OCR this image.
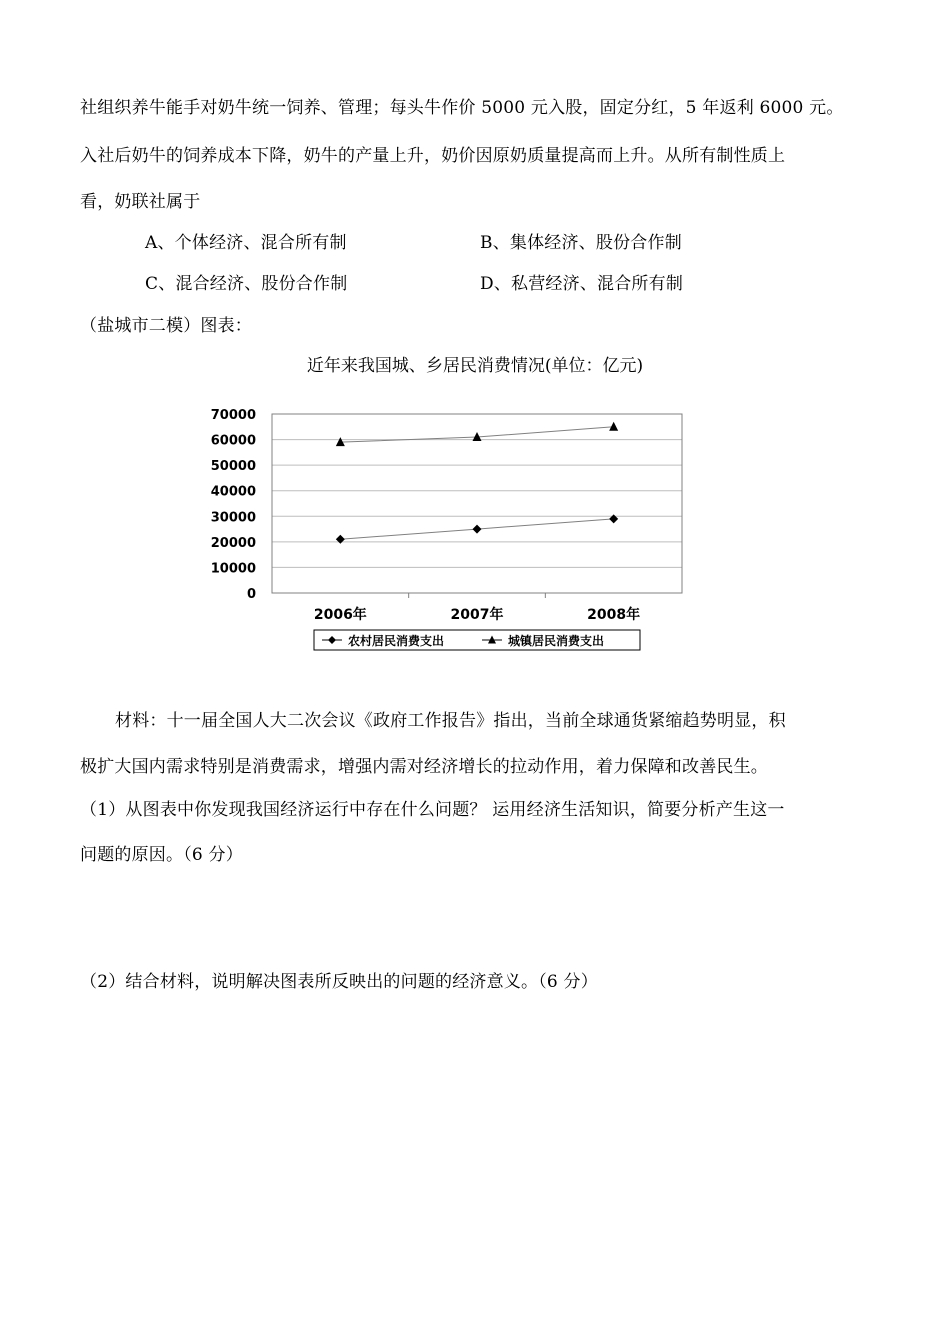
社组织养牛能手对奶牛统一饲养、管理；每头牛作价 5000 元入股，固定分红，5 年返利 6000 元。
入社后奶牛的饲养成本下降，奶牛的产量上升，奶价因原奶质量提高而上升。从所有制性质上
看，奶联社属于
A、个体经济、混合所有制	B、集体经济、股份合作制
C、混合经济、股份合作制	D、私营经济、混合所有制
（盐城市二模）图表：
近年来我国城、乡居民消费情况(单位：亿元)
0
10000
20000
30000
40000
50000
60000
70000
2006年	2007年	2008年
农村居民消费支出	城镇居民消费支出
材料：十一届全国人大二次会议《政府工作报告》指出，当前全球通货紧缩趋势明显，积
极扩大国内需求特别是消费需求，增强内需对经济增长的拉动作用，着力保障和改善民生。
（1）从图表中你发现我国经济运行中存在什么问题？ 运用经济生活知识，简要分析产生这一
问题的原因。（6 分）
（2）结合材料，说明解决图表所反映出的问题的经济意义。（6 分）
